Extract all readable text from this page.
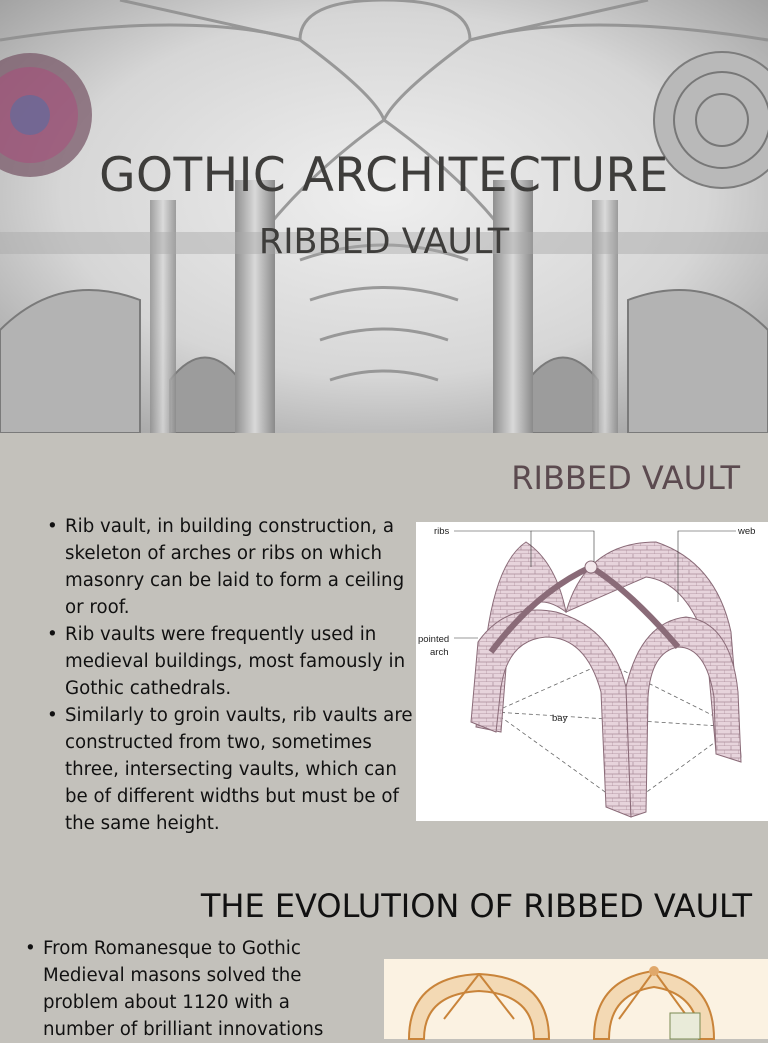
GOTHIC ARCHITECTURE
RIBBED VAULT
RIBBED VAULT
• Rib vault, in building construction, a skeleton of arches or ribs on which masonry can be laid to form a ceiling or roof.
• Rib vaults were frequently used in medieval buildings, most famously in Gothic cathedrals.
• Similarly to groin vaults, rib vaults are constructed from two, sometimes three, intersecting vaults, which can be of different widths but must be of the same height.
ribs	web
pointed
arch
bay
THE EVOLUTION OF RIBBED VAULT
• From Romanesque to Gothic Medieval masons solved the problem about 1120 with a number of brilliant innovations
